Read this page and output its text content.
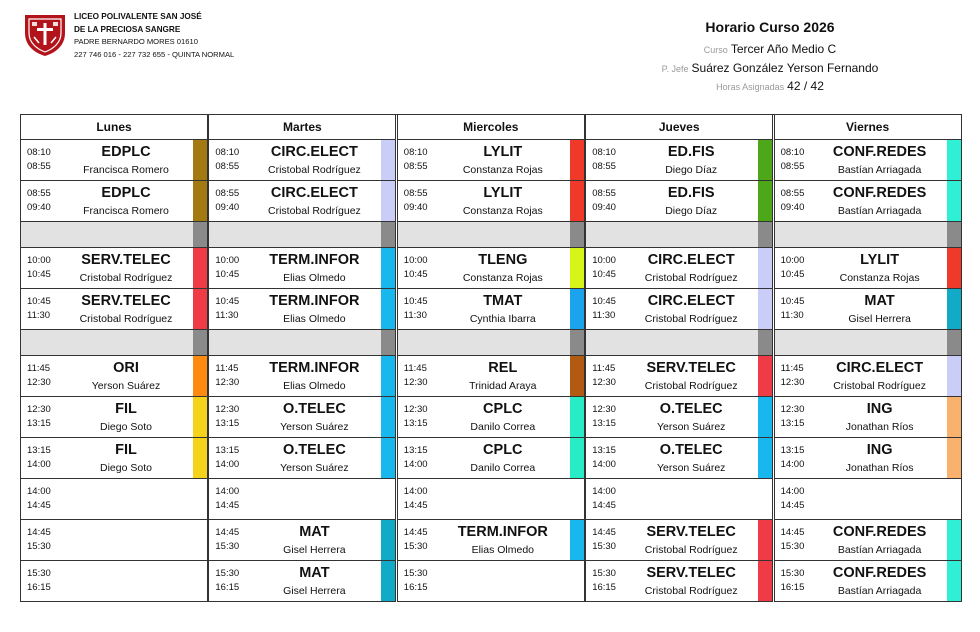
LICEO POLIVALENTE SAN JOSÉ
DE LA PRECIOSA SANGRE
PADRE BERNARDO MORES 01610
227 746 016 - 227 732 655 - QUINTA NORMAL
Horario Curso 2026
Curso Tercer Año Medio C
P. Jefe Suárez González Yerson Fernando
Horas Asignadas 42 / 42
Lunes
08:10
08:55
EDPLC
Francisca Romero
08:55
09:40
EDPLC
Francisca Romero
10:00
10:45
SERV.TELEC
Cristobal Rodríguez
10:45
11:30
SERV.TELEC
Cristobal Rodríguez
11:45
12:30
ORI
Yerson Suárez
12:30
13:15
FIL
Diego Soto
13:15
14:00
FIL
Diego Soto
14:00
14:45
14:45
15:30
15:30
16:15
Martes
08:10
08:55
CIRC.ELECT
Cristobal Rodríguez
08:55
09:40
CIRC.ELECT
Cristobal Rodríguez
10:00
10:45
TERM.INFOR
Elias Olmedo
10:45
11:30
TERM.INFOR
Elias Olmedo
11:45
12:30
TERM.INFOR
Elias Olmedo
12:30
13:15
O.TELEC
Yerson Suárez
13:15
14:00
O.TELEC
Yerson Suárez
14:00
14:45
14:45
15:30
MAT
Gisel Herrera
15:30
16:15
MAT
Gisel Herrera
Miercoles
08:10
08:55
LYLIT
Constanza Rojas
08:55
09:40
LYLIT
Constanza Rojas
10:00
10:45
TLENG
Constanza Rojas
10:45
11:30
TMAT
Cynthia Ibarra
11:45
12:30
REL
Trinidad Araya
12:30
13:15
CPLC
Danilo Correa
13:15
14:00
CPLC
Danilo Correa
14:00
14:45
14:45
15:30
TERM.INFOR
Elias Olmedo
15:30
16:15
Jueves
08:10
08:55
ED.FIS
Diego Díaz
08:55
09:40
ED.FIS
Diego Díaz
10:00
10:45
CIRC.ELECT
Cristobal Rodríguez
10:45
11:30
CIRC.ELECT
Cristobal Rodríguez
11:45
12:30
SERV.TELEC
Cristobal Rodríguez
12:30
13:15
O.TELEC
Yerson Suárez
13:15
14:00
O.TELEC
Yerson Suárez
14:00
14:45
14:45
15:30
SERV.TELEC
Cristobal Rodríguez
15:30
16:15
SERV.TELEC
Cristobal Rodríguez
Viernes
08:10
08:55
CONF.REDES
Bastían Arriagada
08:55
09:40
CONF.REDES
Bastían Arriagada
10:00
10:45
LYLIT
Constanza Rojas
10:45
11:30
MAT
Gisel Herrera
11:45
12:30
CIRC.ELECT
Cristobal Rodríguez
12:30
13:15
ING
Jonathan Ríos
13:15
14:00
ING
Jonathan Ríos
14:00
14:45
14:45
15:30
CONF.REDES
Bastían Arriagada
15:30
16:15
CONF.REDES
Bastían Arriagada
